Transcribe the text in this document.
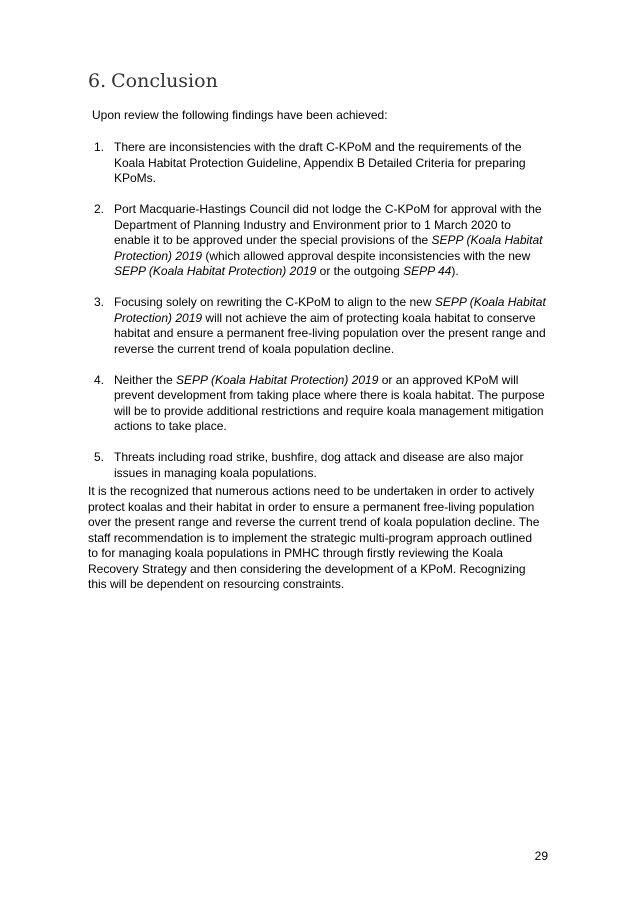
6. Conclusion

Upon review the following findings have been achieved:

1. There are inconsistencies with the draft C-KPoM and the requirements of the
Koala Habitat Protection Guideline, Appendix B Detailed Criteria for preparing
KPoMs.
2. Port Macquarie-Hastings Council did not lodge the C-KPoM for approval with the
Department of Planning Industry and Environment prior to 1 March 2020 to
enable it to be approved under the special provisions of the SEPP (Koala Habitat
Protection) 2019 (which allowed approval despite inconsistencies with the new
SEPP (Koala Habitat Protection) 2019 or the outgoing SEPP 44).
3. Focusing solely on rewriting the C-KPoM to align to the new SEPP (Koala Habitat
Protection) 2019 will not achieve the aim of protecting koala habitat to conserve
habitat and ensure a permanent free-living population over the present range and
reverse the current trend of koala population decline.
4. Neither the SEPP (Koala Habitat Protection) 2019 or an approved KPoM will
prevent development from taking place where there is koala habitat. The purpose
will be to provide additional restrictions and require koala management mitigation
actions to take place.
5. Threats including road strike, bushfire, dog attack and disease are also major
issues in managing koala populations.
It is the recognized that numerous actions need to be undertaken in order to actively
protect koalas and their habitat in order to ensure a permanent free-living population
over the present range and reverse the current trend of koala population decline. The
staff recommendation is to implement the strategic multi-program approach outlined
to for managing koala populations in PMHC through firstly reviewing the Koala
Recovery Strategy and then considering the development of a KPoM. Recognizing
this will be dependent on resourcing constraints.
29
